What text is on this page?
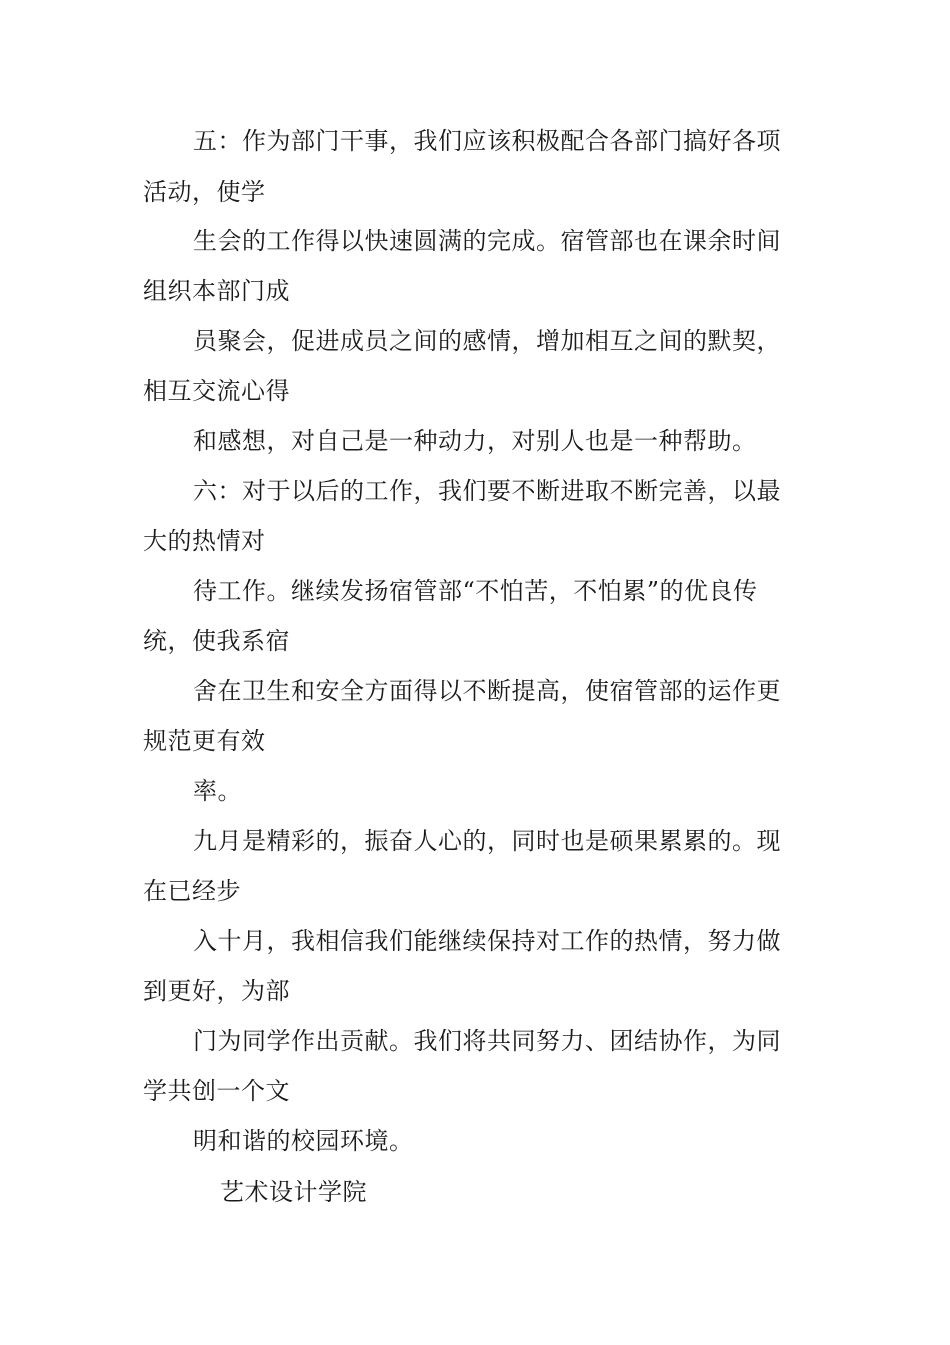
五：作为部门干事，我们应该积极配合各部门搞好各项
活动，使学
生会的工作得以快速圆满的完成。宿管部也在课余时间
组织本部门成
员聚会，促进成员之间的感情，增加相互之间的默契，
相互交流心得
和感想，对自己是一种动力，对别人也是一种帮助。
六：对于以后的工作，我们要不断进取不断完善，以最
大的热情对
待工作。继续发扬宿管部“不怕苦，不怕累”的优良传
统，使我系宿
舍在卫生和安全方面得以不断提高，使宿管部的运作更
规范更有效
率。
九月是精彩的，振奋人心的，同时也是硕果累累的。现
在已经步
入十月，我相信我们能继续保持对工作的热情，努力做
到更好，为部
门为同学作出贡献。我们将共同努力、团结协作，为同
学共创一个文
明和谐的校园环境。
艺术设计学院
